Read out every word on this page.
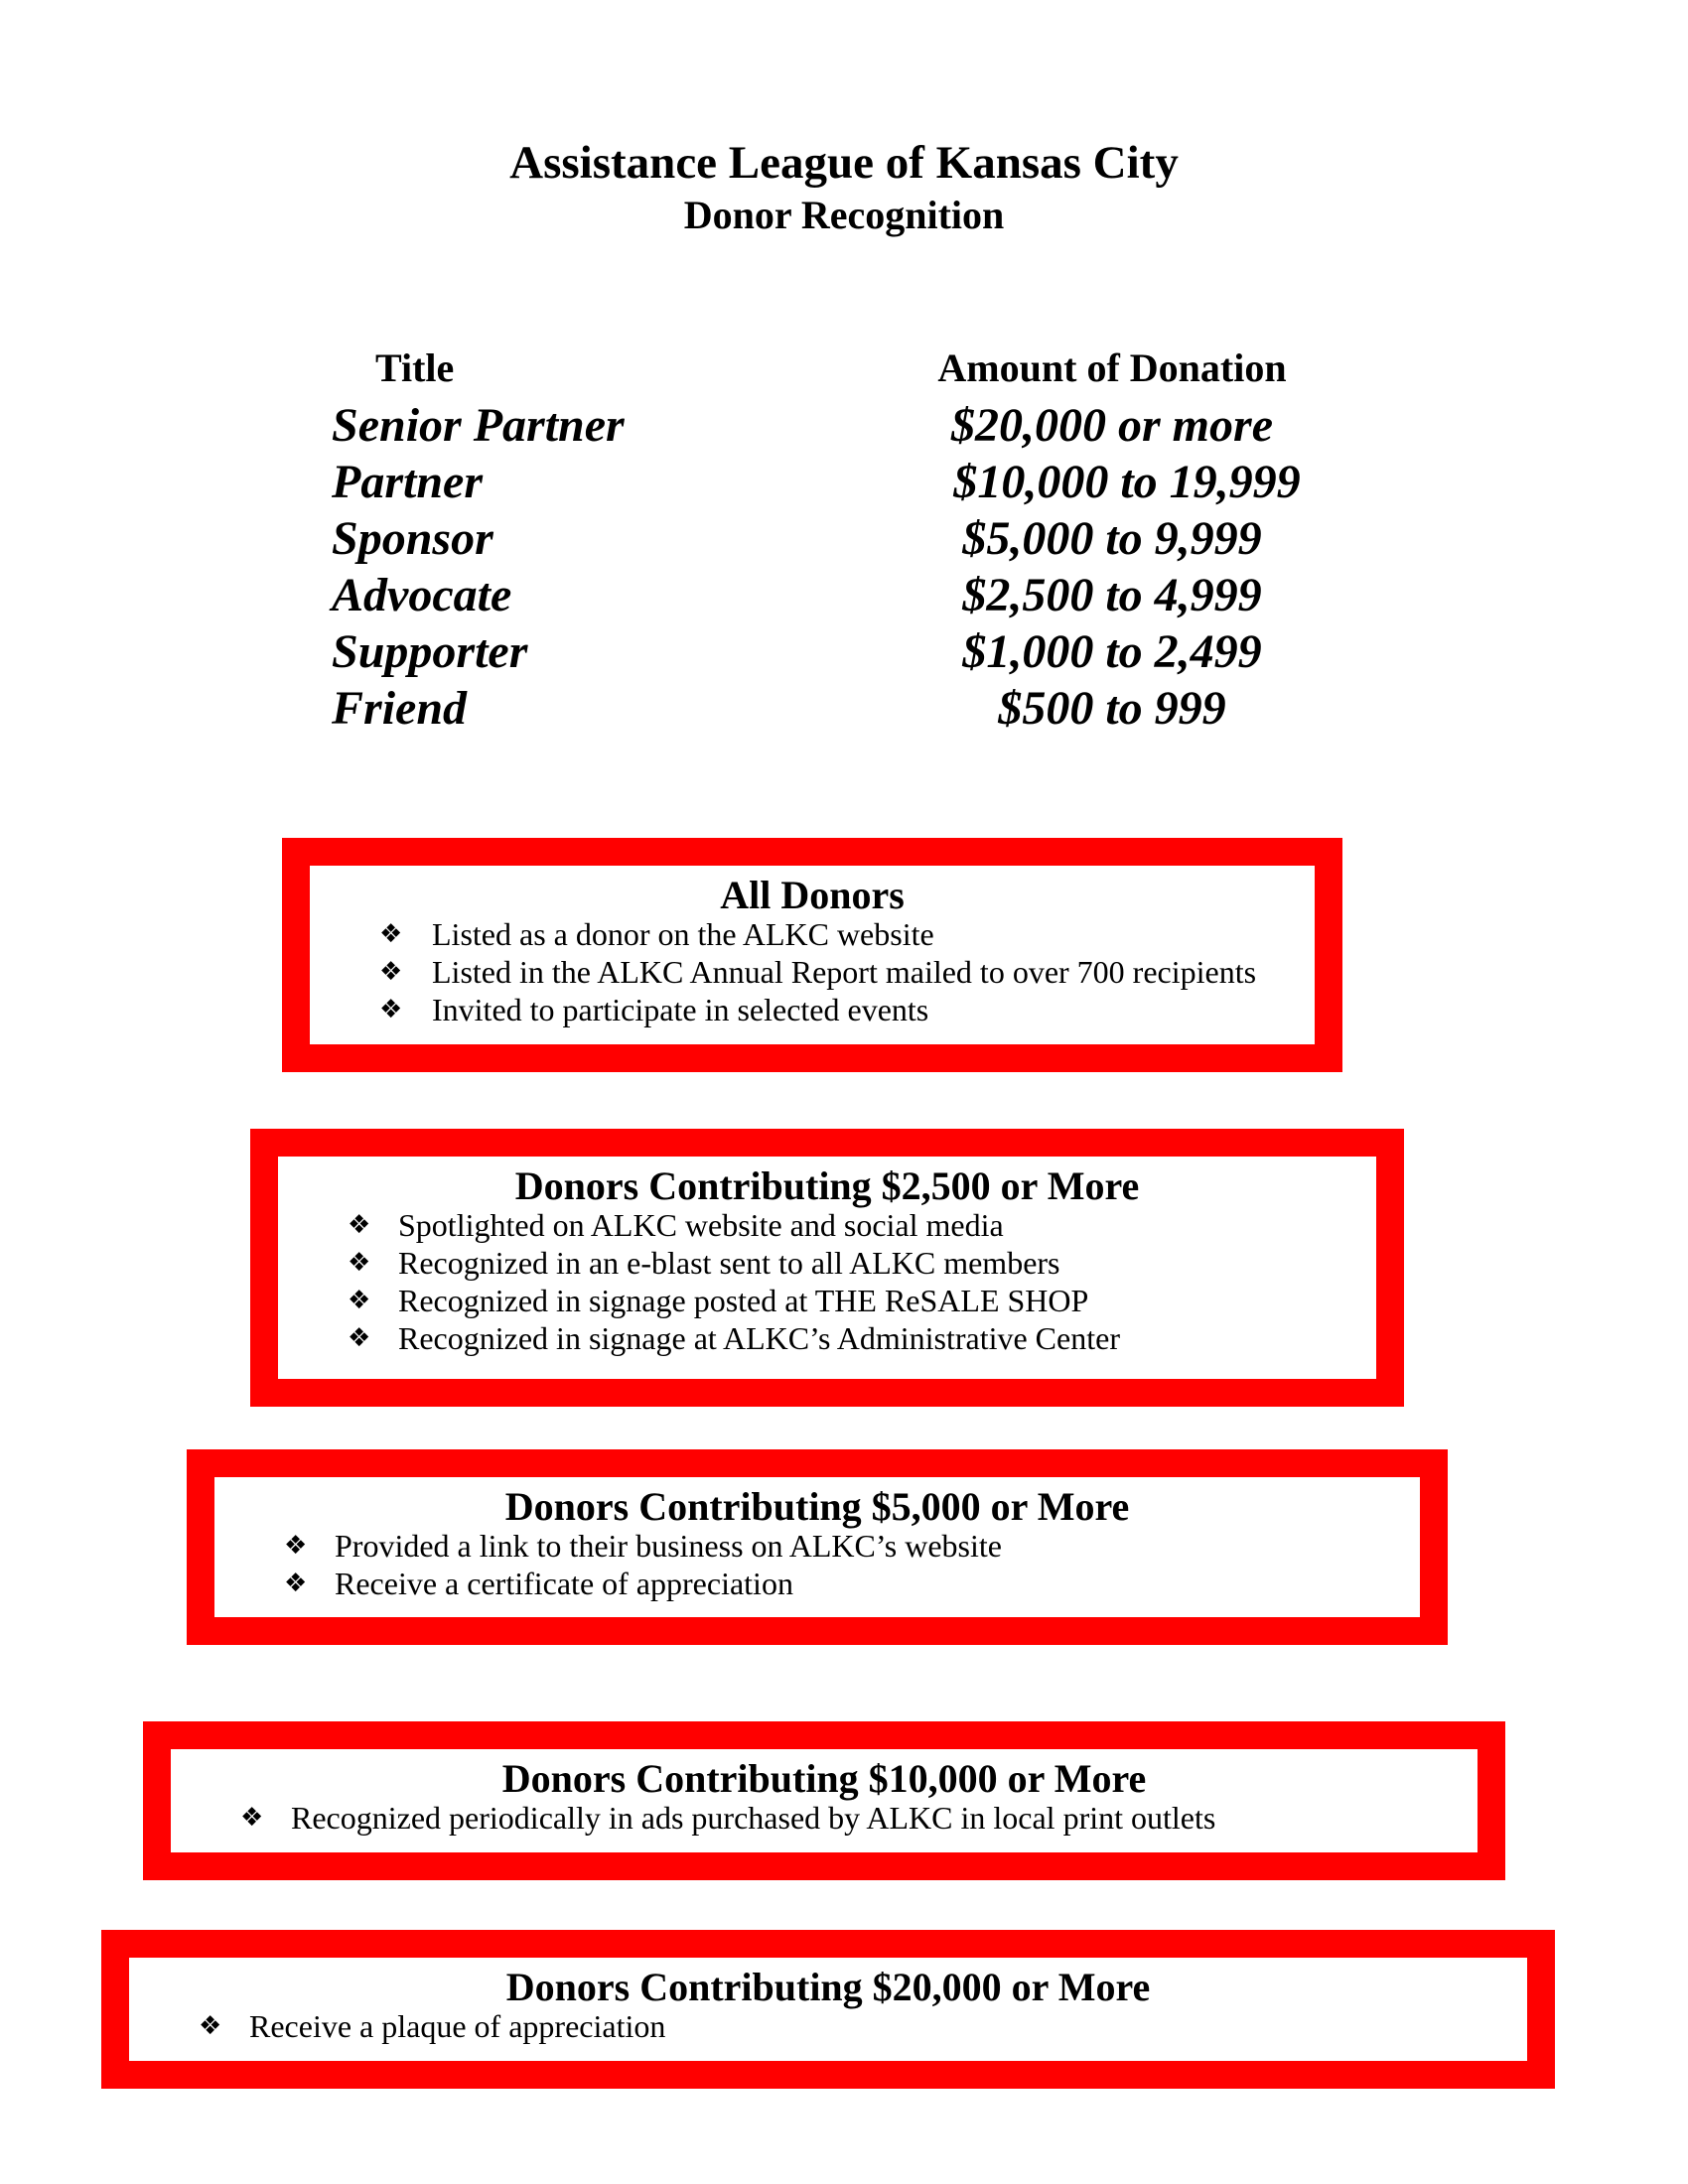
Assistance League of Kansas City
Donor Recognition
Title	Amount of Donation
Senior Partner	$20,000 or more
Partner	$10,000 to 19,999
Sponsor	$5,000 to 9,999
Advocate	$2,500 to 4,999
Supporter	$1,000 to 2,499
Friend	$500 to 999
All Donors
❖ Listed as a donor on the ALKC website
❖ Listed in the ALKC Annual Report mailed to over 700 recipients
❖ Invited to participate in selected events
Donors Contributing $2,500 or More
❖ Spotlighted on ALKC website and social media
❖ Recognized in an e-blast sent to all ALKC members
❖ Recognized in signage posted at THE ReSALE SHOP
❖ Recognized in signage at ALKC’s Administrative Center
Donors Contributing $5,000 or More
❖ Provided a link to their business on ALKC’s website
❖ Receive a certificate of appreciation
Donors Contributing $10,000 or More
❖ Recognized periodically in ads purchased by ALKC in local print outlets
Donors Contributing $20,000 or More
❖ Receive a plaque of appreciation
